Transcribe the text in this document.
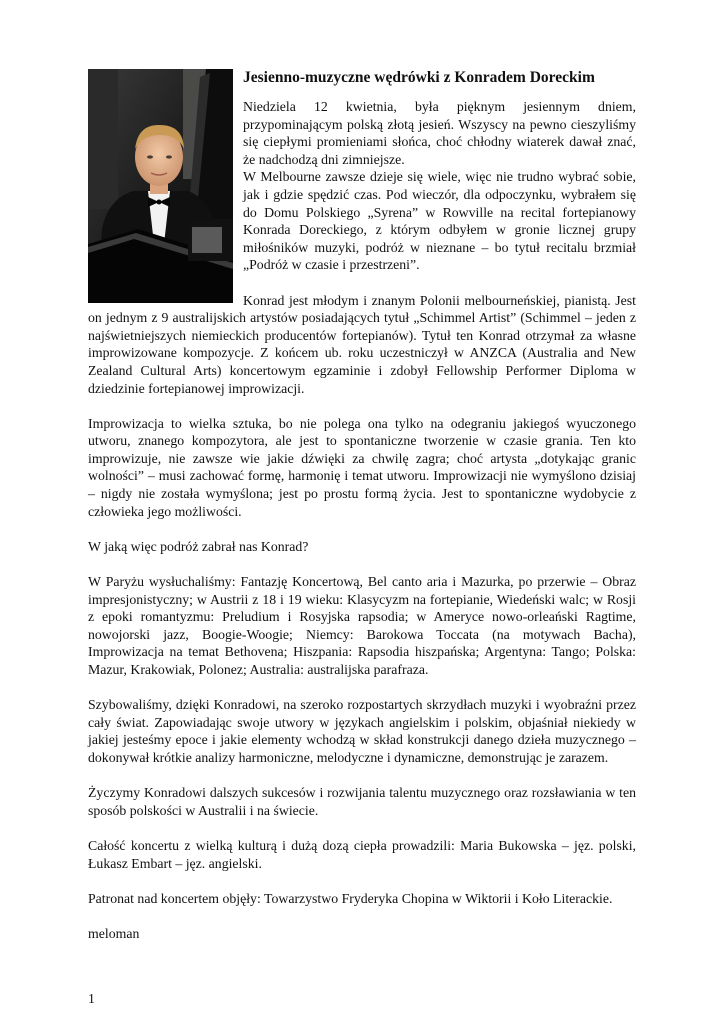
Jesienno-muzyczne wędrówki z Konradem Doreckim

Niedziela 12 kwietnia, była pięknym jesiennym dniem, przypominającym polską złotą jesień. Wszyscy na pewno cieszyliśmy się ciepłymi promieniami słońca, choć chłodny wiaterek dawał znać, że nadchodzą dni zimniejsze.

W Melbourne zawsze dzieje się wiele, więc nie trudno wybrać sobie, jak i gdzie spędzić czas. Pod wieczór, dla odpoczynku, wybrałem się do Domu Polskiego „Syrena” w Rowville na recital fortepianowy Konrada Doreckiego, z którym odbyłem w gronie licznej grupy miłośników muzyki, podróż w nieznane – bo tytuł recitalu brzmiał „Podróż w czasie i przestrzeni”.

Konrad jest młodym i znanym Polonii melbourneńskiej, pianistą. Jest on jednym z 9 australijskich artystów posiadających tytuł „Schimmel Artist” (Schimmel – jeden z najświetniejszych niemieckich producentów fortepianów). Tytuł ten Konrad otrzymał za własne improwizowane kompozycje. Z końcem ub. roku uczestniczył w ANZCA (Australia and New Zealand Cultural Arts) koncertowym egzaminie i zdobył Fellowship Performer Diploma w dziedzinie fortepianowej improwizacji.

Improwizacja to wielka sztuka, bo nie polega ona tylko na odegraniu jakiegoś wyuczonego utworu, znanego kompozytora, ale jest to spontaniczne tworzenie w czasie grania. Ten kto improwizuje, nie zawsze wie jakie dźwięki za chwilę zagra; choć artysta „dotykając granic wolności” – musi zachować formę, harmonię i temat utworu. Improwizacji nie wymyślono dzisiaj – nigdy nie została wymyślona; jest po prostu formą życia. Jest to spontaniczne wydobycie z człowieka jego możliwości.

W jaką więc podróż zabrał nas Konrad?

W Paryżu wysłuchaliśmy: Fantazję Koncertową, Bel canto aria i Mazurka, po przerwie – Obraz impresjonistyczny; w Austrii z 18 i 19 wieku: Klasycyzm na fortepianie, Wiedeński walc; w Rosji z epoki romantyzmu: Preludium i Rosyjska rapsodia; w Ameryce nowo-orleański Ragtime, nowojorski jazz, Boogie-Woogie; Niemcy: Barokowa Toccata (na motywach Bacha), Improwizacja na temat Bethovena; Hiszpania: Rapsodia hiszpańska; Argentyna: Tango; Polska: Mazur, Krakowiak, Polonez; Australia: australijska parafraza.

Szybowaliśmy, dzięki Konradowi, na szeroko rozpostartych skrzydłach muzyki i wyobraźni przez cały świat. Zapowiadając swoje utwory w językach angielskim i polskim, objaśniał niekiedy w jakiej jesteśmy epoce i jakie elementy wchodzą w skład konstrukcji danego dzieła muzycznego – dokonywał krótkie analizy harmoniczne, melodyczne i dynamiczne, demonstrując je zarazem.

Życzymy Konradowi dalszych sukcesów i rozwijania talentu muzycznego oraz rozsławiania w ten sposób polskości w Australii i na świecie.

Całość koncertu z wielką kulturą i dużą dozą ciepła prowadzili: Maria Bukowska – jęz. polski, Łukasz Embart – jęz. angielski.

Patronat nad koncertem objęły: Towarzystwo Fryderyka Chopina w Wiktorii i Koło Literackie.

meloman

1
